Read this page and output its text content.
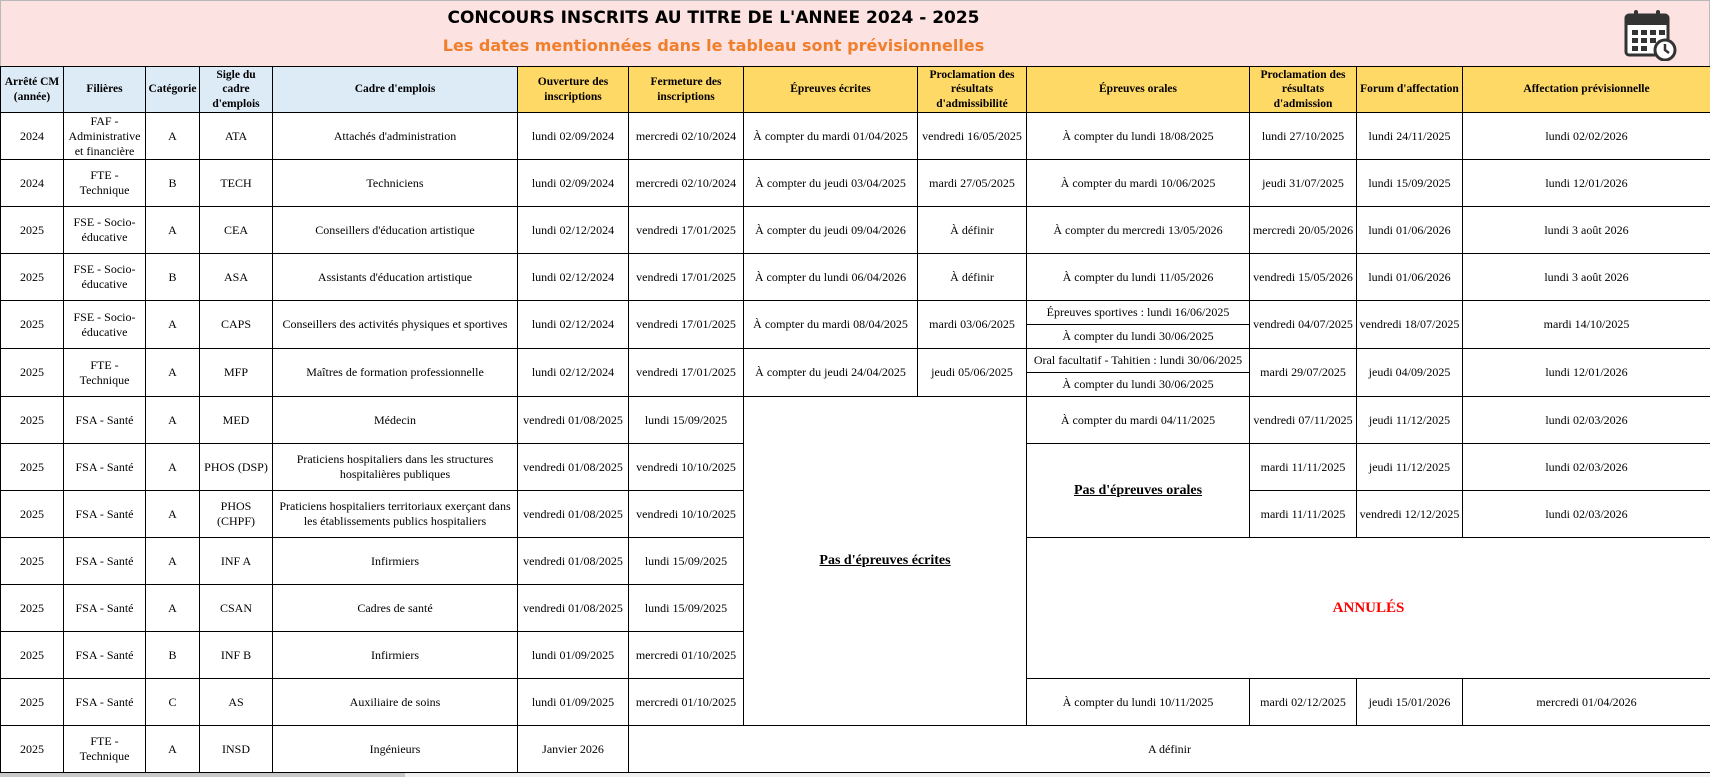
CONCOURS INSCRITS AU TITRE DE L'ANNEE 2024 - 2025
Les dates mentionnées dans le tableau sont prévisionnelles
Arrêté CM (année)	Filières	Catégorie	Sigle du cadre d'emplois	Cadre d'emplois	Ouverture des inscriptions	Fermeture des inscriptions	Épreuves écrites	Proclamation des résultats d'admissibilité	Épreuves orales	Proclamation des résultats d'admission	Forum d'affectation	Affectation prévisionnelle
2024	FAF - Administrative et financière	A	ATA	Attachés d'administration	lundi 02/09/2024	mercredi 02/10/2024	À compter du mardi 01/04/2025	vendredi 16/05/2025	À compter du lundi 18/08/2025	lundi 27/10/2025	lundi 24/11/2025	lundi 02/02/2026
2024	FTE - Technique	B	TECH	Techniciens	lundi 02/09/2024	mercredi 02/10/2024	À compter du jeudi 03/04/2025	mardi 27/05/2025	À compter du mardi 10/06/2025	jeudi 31/07/2025	lundi 15/09/2025	lundi 12/01/2026
2025	FSE - Socio-éducative	A	CEA	Conseillers d'éducation artistique	lundi 02/12/2024	vendredi 17/01/2025	À compter du jeudi 09/04/2026	À définir	À compter du mercredi 13/05/2026	mercredi 20/05/2026	lundi 01/06/2026	lundi 3 août 2026
2025	FSE - Socio-éducative	B	ASA	Assistants d'éducation artistique	lundi 02/12/2024	vendredi 17/01/2025	À compter du lundi 06/04/2026	À définir	À compter du lundi 11/05/2026	vendredi 15/05/2026	lundi 01/06/2026	lundi 3 août 2026
2025	FSE - Socio-éducative	A	CAPS	Conseillers des activités physiques et sportives	lundi 02/12/2024	vendredi 17/01/2025	À compter du mardi 08/04/2025	mardi 03/06/2025	Épreuves sportives : lundi 16/06/2025	vendredi 04/07/2025	vendredi 18/07/2025	mardi 14/10/2025
									À compter du lundi 30/06/2025			
2025	FTE - Technique	A	MFP	Maîtres de formation professionnelle	lundi 02/12/2024	vendredi 17/01/2025	À compter du jeudi 24/04/2025	jeudi 05/06/2025	Oral facultatif - Tahitien : lundi 30/06/2025	mardi 29/07/2025	jeudi 04/09/2025	lundi 12/01/2026
									À compter du lundi 30/06/2025			
2025	FSA - Santé	A	MED	Médecin	vendredi 01/08/2025	lundi 15/09/2025	Pas d'épreuves écrites		À compter du mardi 04/11/2025	vendredi 07/11/2025	jeudi 11/12/2025	lundi 02/03/2026
2025	FSA - Santé	A	PHOS (DSP)	Praticiens hospitaliers dans les structures hospitalières publiques	vendredi 01/08/2025	vendredi 10/10/2025			Pas d'épreuves orales	mardi 11/11/2025	jeudi 11/12/2025	lundi 02/03/2026
2025	FSA - Santé	A	PHOS (CHPF)	Praticiens hospitaliers territoriaux exerçant dans les établissements publics hospitaliers	vendredi 01/08/2025	vendredi 10/10/2025				mardi 11/11/2025	vendredi 12/12/2025	lundi 02/03/2026
2025	FSA - Santé	A	INF A	Infirmiers	vendredi 01/08/2025	lundi 15/09/2025			ANNULÉS			
2025	FSA - Santé	A	CSAN	Cadres de santé	vendredi 01/08/2025	lundi 15/09/2025						
2025	FSA - Santé	B	INF B	Infirmiers	lundi 01/09/2025	mercredi 01/10/2025						
2025	FSA - Santé	C	AS	Auxiliaire de soins	lundi 01/09/2025	mercredi 01/10/2025			À compter du lundi 10/11/2025	mardi 02/12/2025	jeudi 15/01/2026	mercredi 01/04/2026
2025	FTE - Technique	A	INSD	Ingénieurs	Janvier 2026	A définir						
